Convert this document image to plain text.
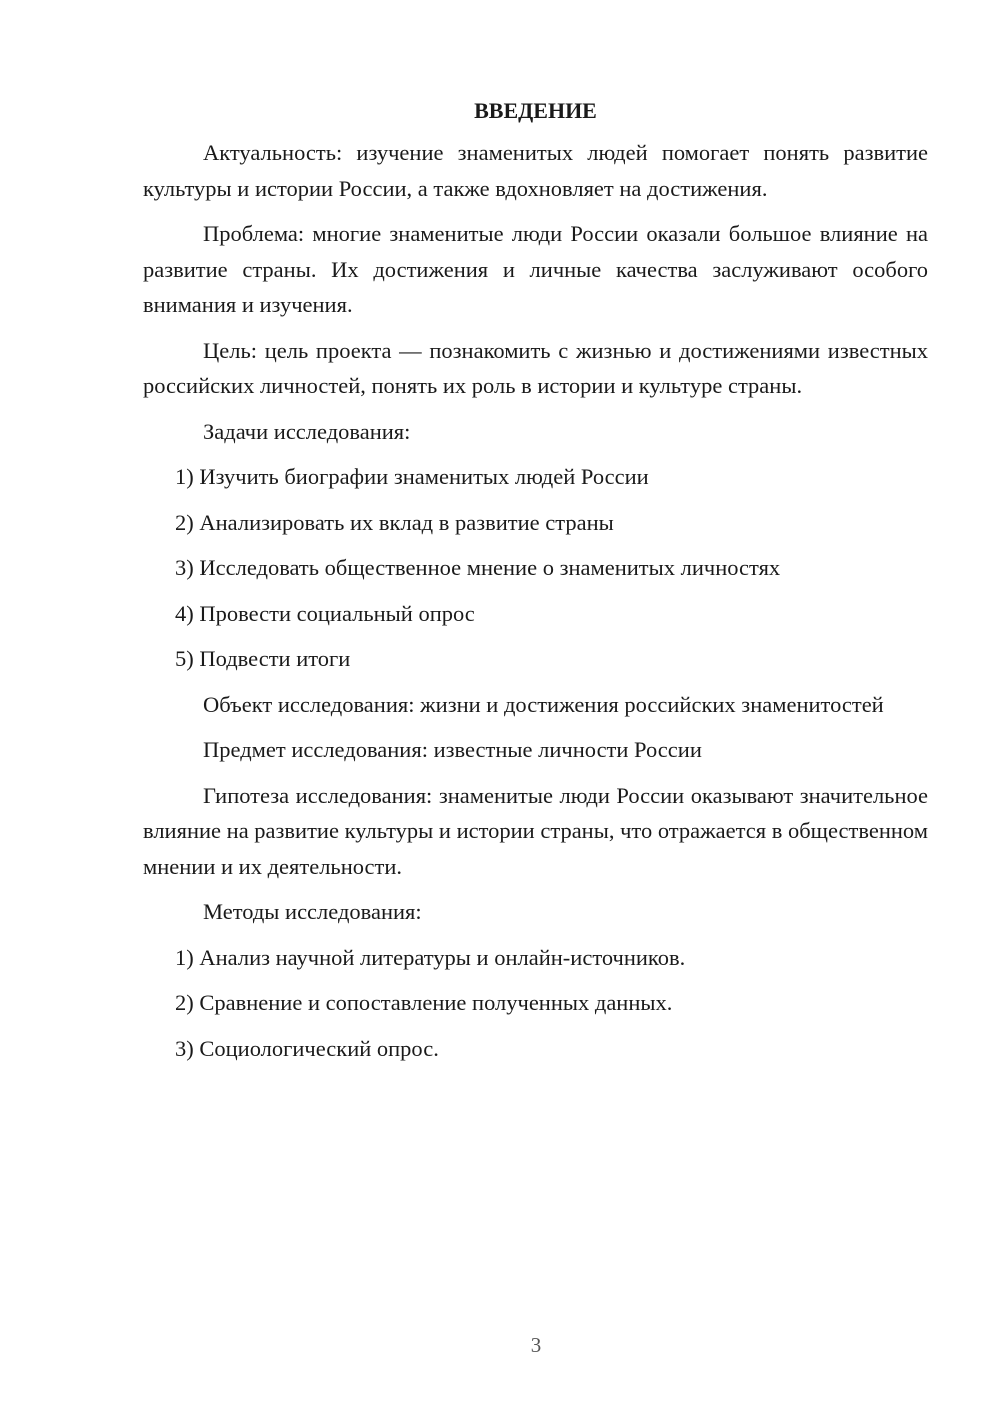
ВВЕДЕНИЕ

Актуальность: изучение знаменитых людей помогает понять развитие культуры и истории России, а также вдохновляет на достижения.

Проблема: многие знаменитые люди России оказали большое влияние на развитие страны. Их достижения и личные качества заслуживают особого внимания и изучения.

Цель: цель проекта — познакомить с жизнью и достижениями известных российских личностей, понять их роль в истории и культуре страны.

Задачи исследования:

1) Изучить биографии знаменитых людей России
2) Анализировать их вклад в развитие страны
3) Исследовать общественное мнение о знаменитых личностях
4) Провести социальный опрос
5) Подвести итоги

Объект исследования: жизни и достижения российских знаменитостей

Предмет исследования: известные личности России

Гипотеза исследования: знаменитые люди России оказывают значительное влияние на развитие культуры и истории страны, что отражается в общественном мнении и их деятельности.

Методы исследования:

1) Анализ научной литературы и онлайн-источников.
2) Сравнение и сопоставление полученных данных.
3) Социологический опрос.
3
